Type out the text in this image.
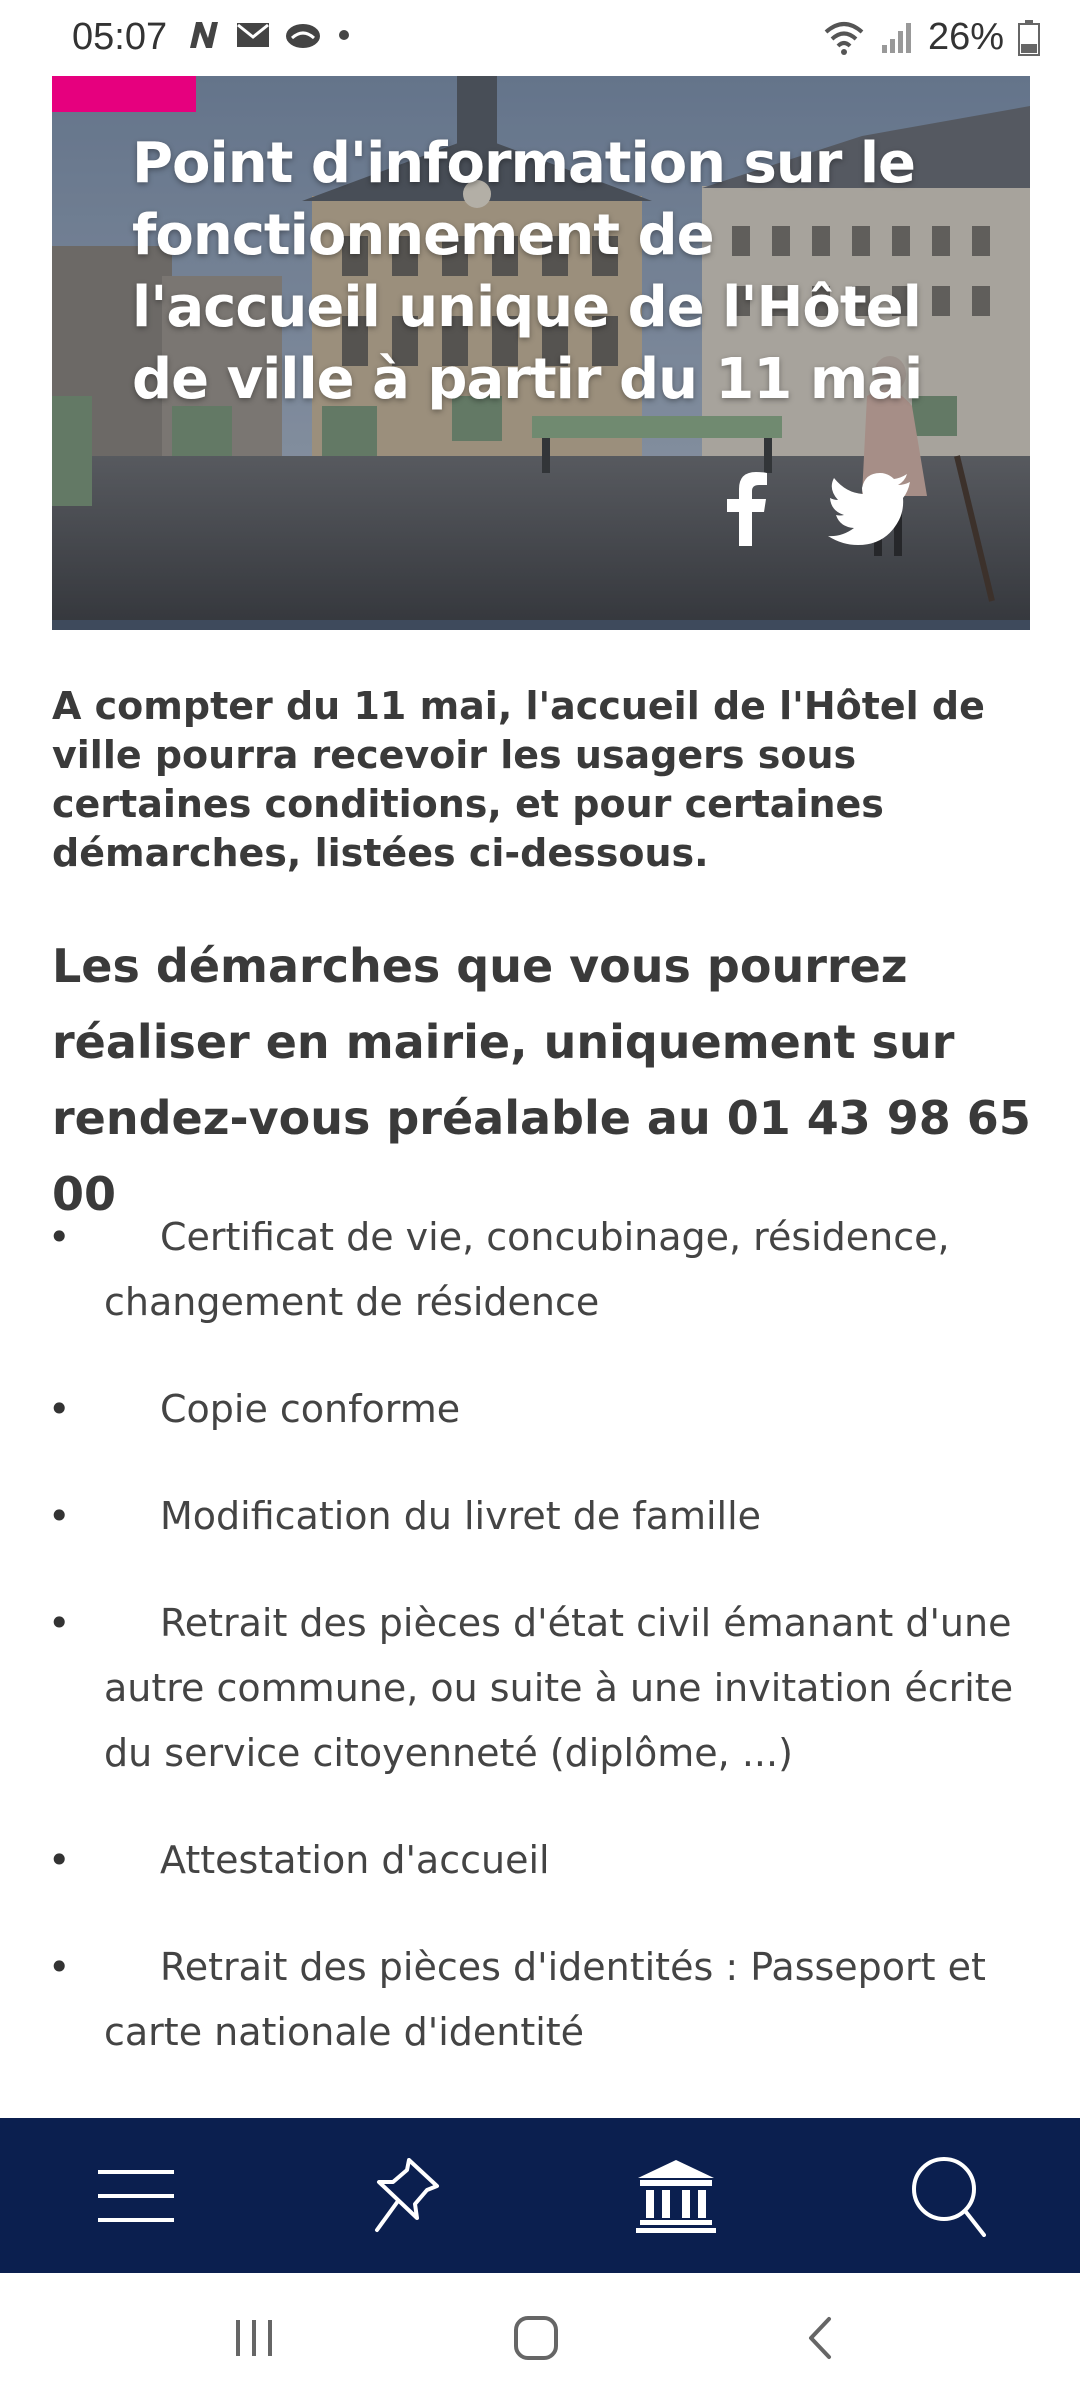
05:07	26%
Point d'information sur le fonctionnement de l'accueil unique de l'Hôtel de ville à partir du 11 mai

A compter du 11 mai, l'accueil de l'Hôtel de ville pourra recevoir les usagers sous certaines conditions, et pour certaines démarches, listées ci-dessous.

Les démarches que vous pourrez réaliser en mairie, uniquement sur rendez-vous préalable au 01 43 98 65 00
• Certificat de vie, concubinage, résidence, changement de résidence
• Copie conforme
• Modification du livret de famille
• Retrait des pièces d'état civil émanant d'une autre commune, ou suite à une invitation écrite du service citoyenneté (diplôme, ...)
• Attestation d'accueil
• Retrait des pièces d'identités : Passeport et carte nationale d'identité
